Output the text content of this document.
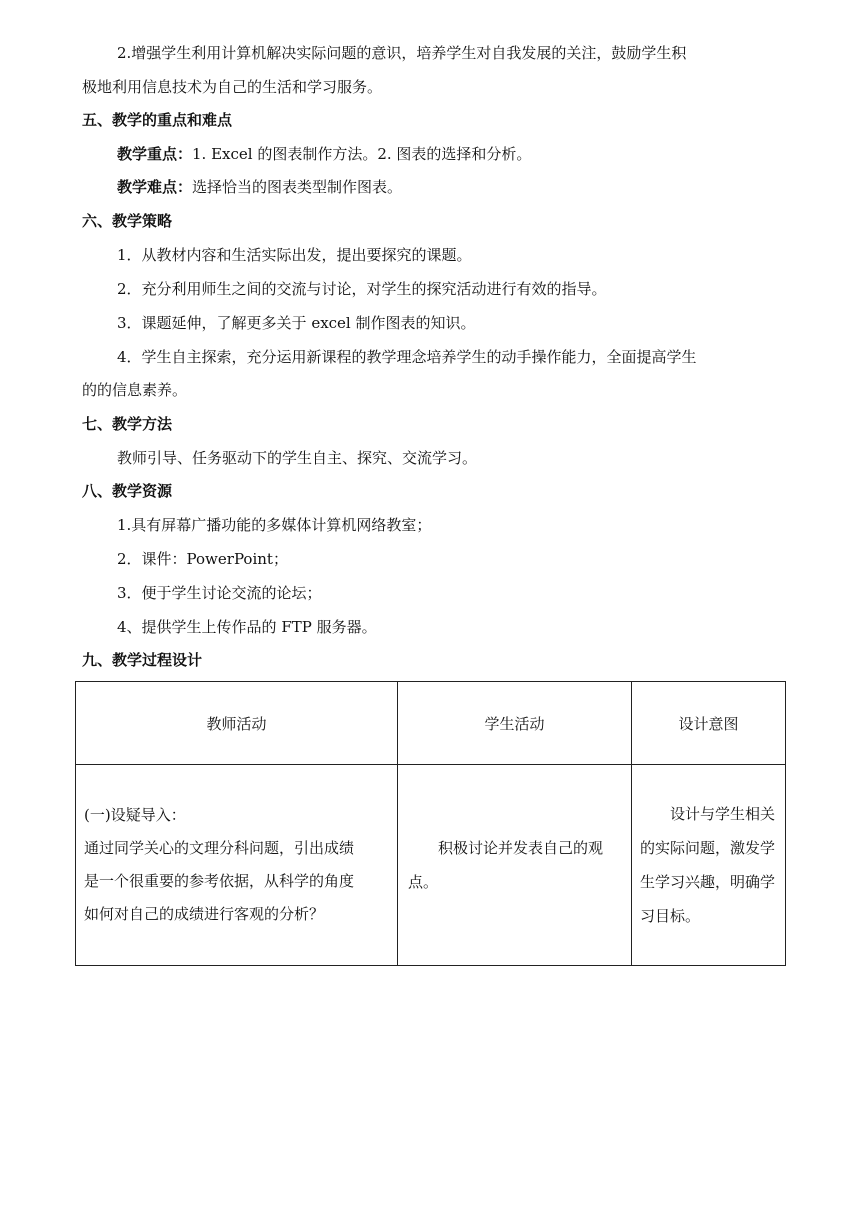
2.增强学生利用计算机解决实际问题的意识，培养学生对自我发展的关注，鼓励学生积
极地利用信息技术为自己的生活和学习服务。
五、教学的重点和难点
教学重点：1. Excel 的图表制作方法。2. 图表的选择和分析。
教学难点：选择恰当的图表类型制作图表。
六、教学策略
1．从教材内容和生活实际出发，提出要探究的课题。
2．充分利用师生之间的交流与讨论，对学生的探究活动进行有效的指导。
3．课题延伸，了解更多关于 excel 制作图表的知识。
4．学生自主探索，充分运用新课程的教学理念培养学生的动手操作能力，全面提高学生
的的信息素养。
七、教学方法
教师引导、任务驱动下的学生自主、探究、交流学习。
八、教学资源
1.具有屏幕广播功能的多媒体计算机网络教室；
2．课件：PowerPoint；
3．便于学生讨论交流的论坛；
4、提供学生上传作品的 FTP 服务器。
九、教学过程设计
教师活动	学生活动	设计意图

(一)设疑导入：
通过同学关心的文理分科问题，引出成绩
是一个很重要的参考依据，从科学的角度
如何对自己的成绩进行客观的分析？	积极讨论并发表自己的观点。	设计与学生相关的实际问题，激发学生学习兴趣，明确学习目标。
